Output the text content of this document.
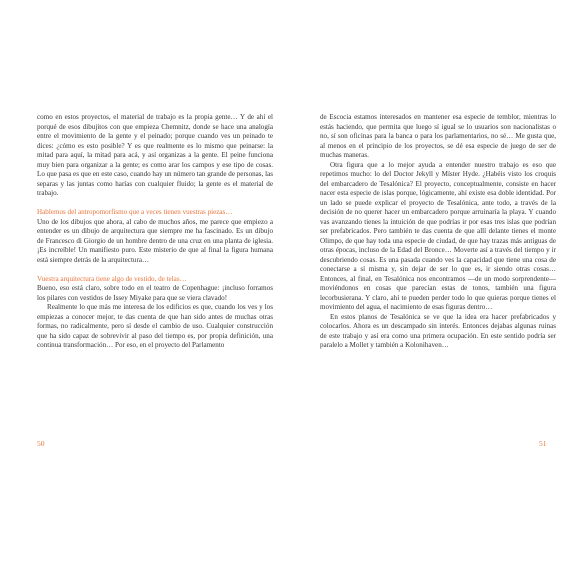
como en estos proyectos, el material de trabajo es la propia gente… Y de ahí el porqué de esos dibujitos con que empieza Chemnitz, donde se hace una analogía entre el movimiento de la gente y el peinado; porque cuando ves un peinado te dices: ¿cómo es esto posible? Y es que realmente es lo mismo que peinarse: la mitad para aquí, la mitad para acá, y así organizas a la gente. El peine funciona muy bien para organizar a la gente; es como arar los campos y ese tipo de cosas. Lo que pasa es que en este caso, cuando hay un número tan grande de personas, las separas y las juntas como harías con cualquier fluido; la gente es el material de trabajo.

Hablemos del antropomorfismo que a veces tienen vuestras piezas…

Uno de los dibujos que ahora, al cabo de muchos años, me parece que empiezo a entender es un dibujo de arquitectura que siempre me ha fascinado. Es un dibujo de Francesco di Giorgio de un hombre dentro de una cruz en una planta de iglesia. ¡Es increíble! Un manifiesto puro. Este misterio de que al final la figura humana está siempre detrás de la arquitectura…

Vuestra arquitectura tiene algo de vestido, de telas…

Bueno, eso está claro, sobre todo en el teatro de Copenhague: ¡incluso forramos los pilares con vestidos de Issey Miyake para que se viera clavado!

Realmente lo que más me interesa de los edificios es que, cuando los ves y los empiezas a conocer mejor, te das cuenta de que han sido antes de muchas otras formas, no radicalmente, pero sí desde el cambio de uso. Cualquier construcción que ha sido capaz de sobrevivir al paso del tiempo es, por propia definición, una continua transformación… Por eso, en el proyecto del Parlamento

de Escocia estamos interesados en mantener esa especie de temblor, mientras lo estás haciendo, que permita que luego sí igual se lo usuarios son nacionalistas o no, sí son oficinas para la banca o para los parlamentarios, no sé… Me gusta que, al menos en el principio de los proyectos, se dé esa especie de juego de ser de muchas maneras.

Otra figura que a lo mejor ayuda a entender nuestro trabajo es eso que repetimos mucho: lo del Doctor Jekyll y Míster Hyde. ¿Habéis visto los croquis del embarcadero de Tesalónica? El proyecto, conceptualmente, consiste en hacer nacer esta especie de islas porque, lógicamente, ahí existe esa doble identidad. Por un lado se puede explicar el proyecto de Tesalónica, ante todo, a través de la decisión de no querer hacer un embarcadero porque arruinaría la playa. Y cuando vas avanzando tienes la intuición de que podrías ir por esas tres islas que podrían ser prefabricados. Pero también te das cuenta de que allí delante tienes el monte Olimpo, de que hay toda una especie de ciudad, de que hay trazas más antiguas de otras épocas, incluso de la Edad del Bronce… Moverte así a través del tiempo y ir descubriendo cosas. Es una pasada cuando ves la capacidad que tiene una cosa de conectarse a sí misma y, sin dejar de ser lo que es, ir siendo otras cosas… Entonces, al final, en Tesalónica nos encontramos —de un modo sorprendente— moviéndonos en cosas que parecían estas de tonos, también una figura lecorbusierana. Y claro, ahí te pueden perder todo lo que quieras porque tienes el movimiento del agua, el nacimiento de esas figuras dentro…

En estos planos de Tesalónica se ve que la idea era hacer prefabricados y colocarlos. Ahora es un descampado sin interés. Entonces dejabas algunas ruinas de este trabajo y así era como una primera ocupación. En este sentido podría ser paralelo a Mollet y también a Kolonihaven…

50	51
